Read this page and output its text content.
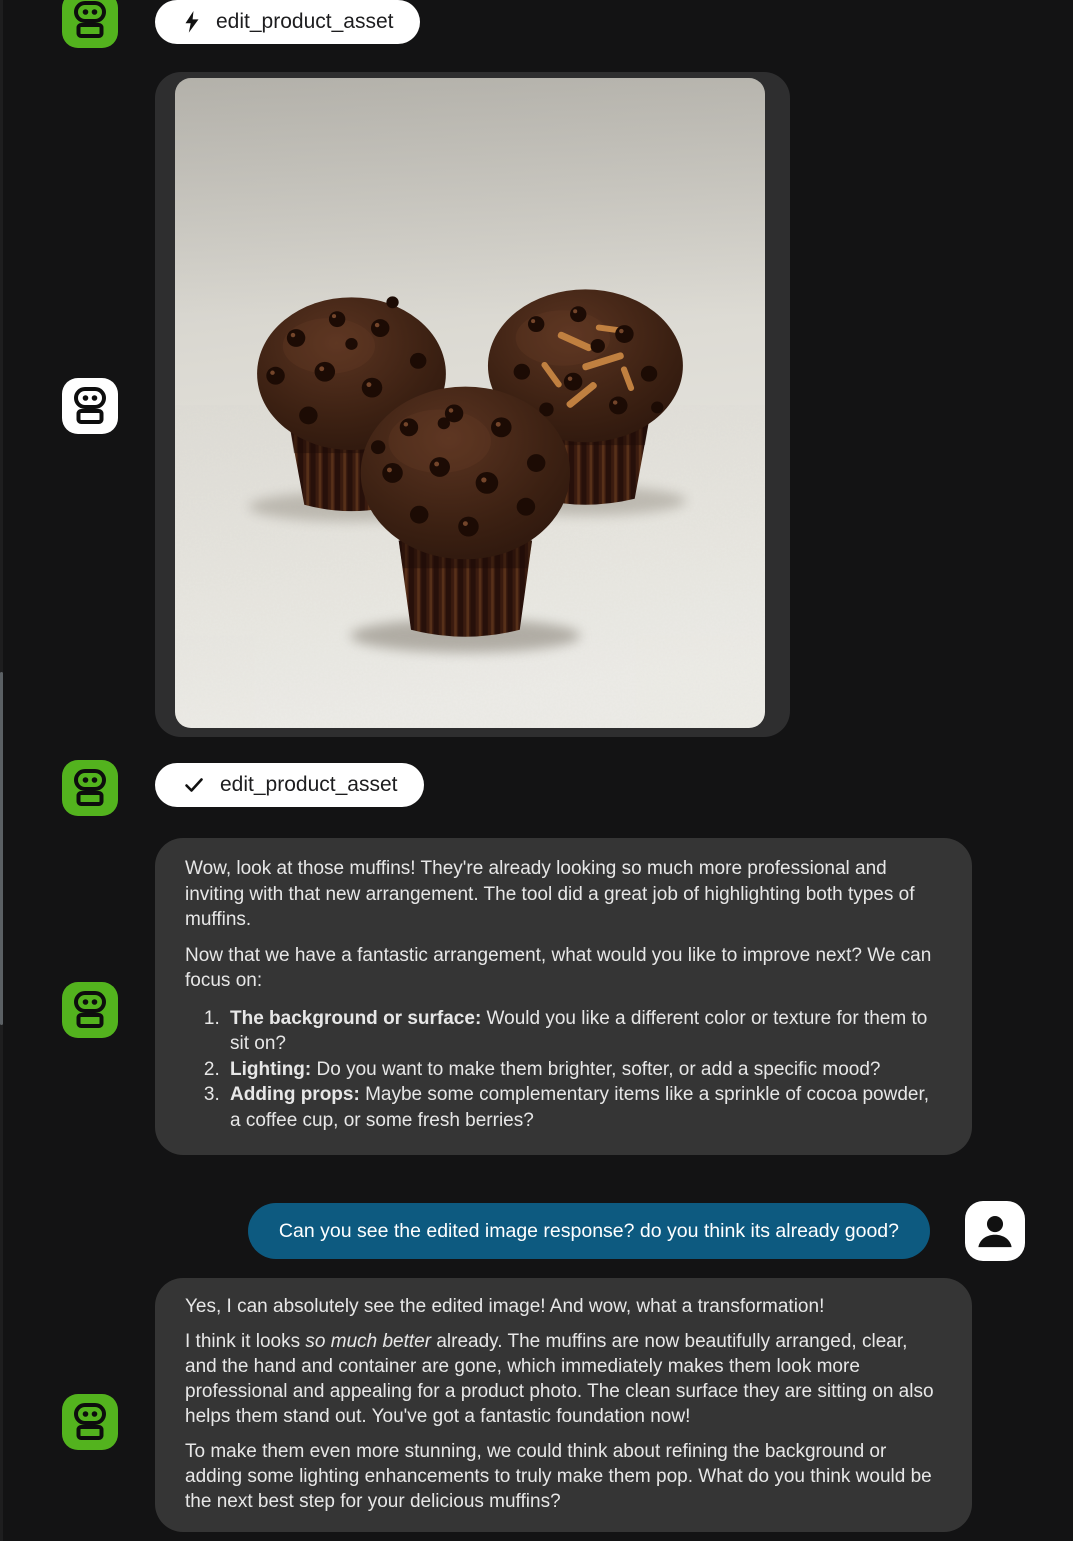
edit_product_asset
edit_product_asset

Wow, look at those muffins! They're already looking so much more professional and inviting with that new arrangement. The tool did a great job of highlighting both types of muffins.

Now that we have a fantastic arrangement, what would you like to improve next? We can focus on:

1. The background or surface: Would you like a different color or texture for them to sit on?
2. Lighting: Do you want to make them brighter, softer, or add a specific mood?
3. Adding props: Maybe some complementary items like a sprinkle of cocoa powder, a coffee cup, or some fresh berries?
Can you see the edited image response? do you think its already good?

Yes, I can absolutely see the edited image! And wow, what a transformation!

I think it looks so much better already. The muffins are now beautifully arranged, clear, and the hand and container are gone, which immediately makes them look more professional and appealing for a product photo. The clean surface they are sitting on also helps them stand out. You've got a fantastic foundation now!

To make them even more stunning, we could think about refining the background or adding some lighting enhancements to truly make them pop. What do you think would be the next best step for your delicious muffins?
